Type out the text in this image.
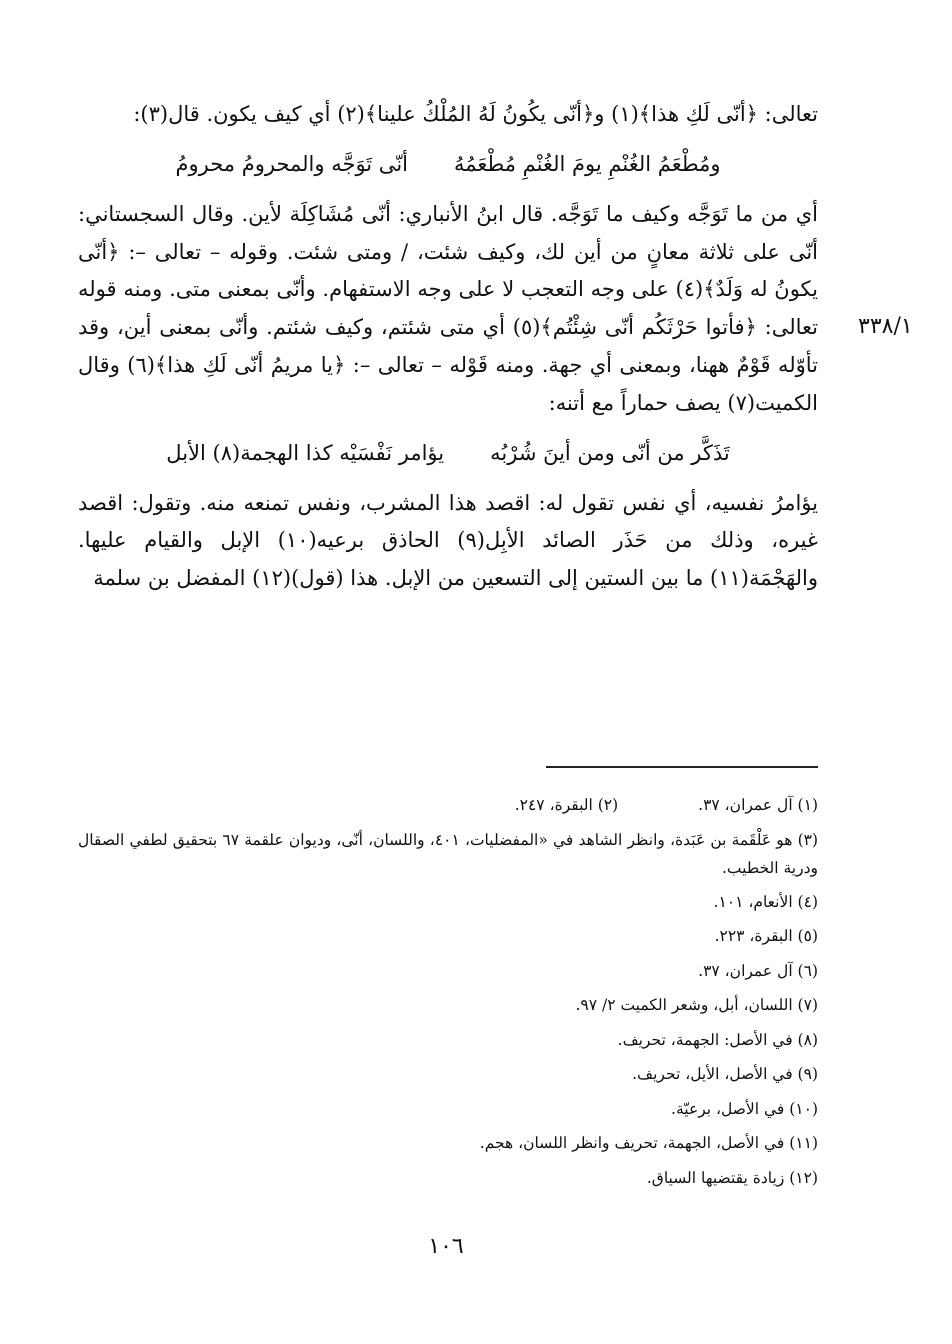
٣٣٨/١

تعالى: ﴿أنّى لَكِ هذا﴾(١) و﴿أنّى يكُونُ لَهُ المُلْكُ علينا﴾(٢) أي كيف يكون. قال(٣):

ومُطْعَمُ الغُنْمِ يومَ الغُنْمِ مُطْعَمُهُ
أنّى تَوَجَّه والمحرومُ محرومُ

أي من ما تَوَجَّه وكيف ما تَوَجَّه. قال ابنُ الأنباري: أنّى مُشَاكِلَة لأين. وقال السجستاني: أنّى على ثلاثة معانٍ من أين لك، وكيف شئت، / ومتى شئت. وقوله – تعالى –: ﴿أنّى يكونُ له وَلَدٌ﴾(٤) على وجه التعجب لا على وجه الاستفهام. وأنّى بمعنى متى. ومنه قوله تعالى: ﴿فأتوا حَرْثَكُم أنّى شِئْتُم﴾(٥) أي متى شئتم، وكيف شئتم. وأنّى بمعنى أين، وقد تأوّله قَوْمٌ ههنا، وبمعنى أي جهة. ومنه قَوْله – تعالى –: ﴿يا مريمُ أنّى لَكِ هذا﴾(٦) وقال الكميت(٧) يصف حماراً مع أتنه:

تَذَكَّر من أنّى ومن أينَ شُرْبُه
يؤامر نَفْسَيْه كذا الهجمة(٨) الأبل

يؤامرُ نفسيه، أي نفس تقول له: اقصد هذا المشرب، ونفس تمنعه منه. وتقول: اقصد غيره، وذلك من حَذَر الصائد الأبِل(٩) الحاذق برعيه(١٠) الإبل والقيام عليها. والهَجْمَة(١١) ما بين الستين إلى التسعين من الإبل. هذا (قول)(١٢) المفضل بن سلمة

(١) آل عمران، ٣٧.
(٢) البقرة، ٢٤٧.
(٣) هو عَلْقَمة بن عَبَدة، وانظر الشاهد في «المفضليات، ٤٠١، واللسان، أنّى، وديوان علقمة ٦٧ بتحقيق لطفي الصقال ودرية الخطيب.
(٤) الأنعام، ١٠١.
(٥) البقرة، ٢٢٣.
(٦) آل عمران، ٣٧.
(٧) اللسان، أبل، وشعر الكميت ٢/ ٩٧.
(٨) في الأصل: الجهمة، تحريف.
(٩) في الأصل، الأيل، تحريف.
(١٠) في الأصل، برعيّة.
(١١) في الأصل، الجهمة، تحريف وانظر اللسان، هجم.
(١٢) زيادة يقتضيها السياق.
١٠٦
